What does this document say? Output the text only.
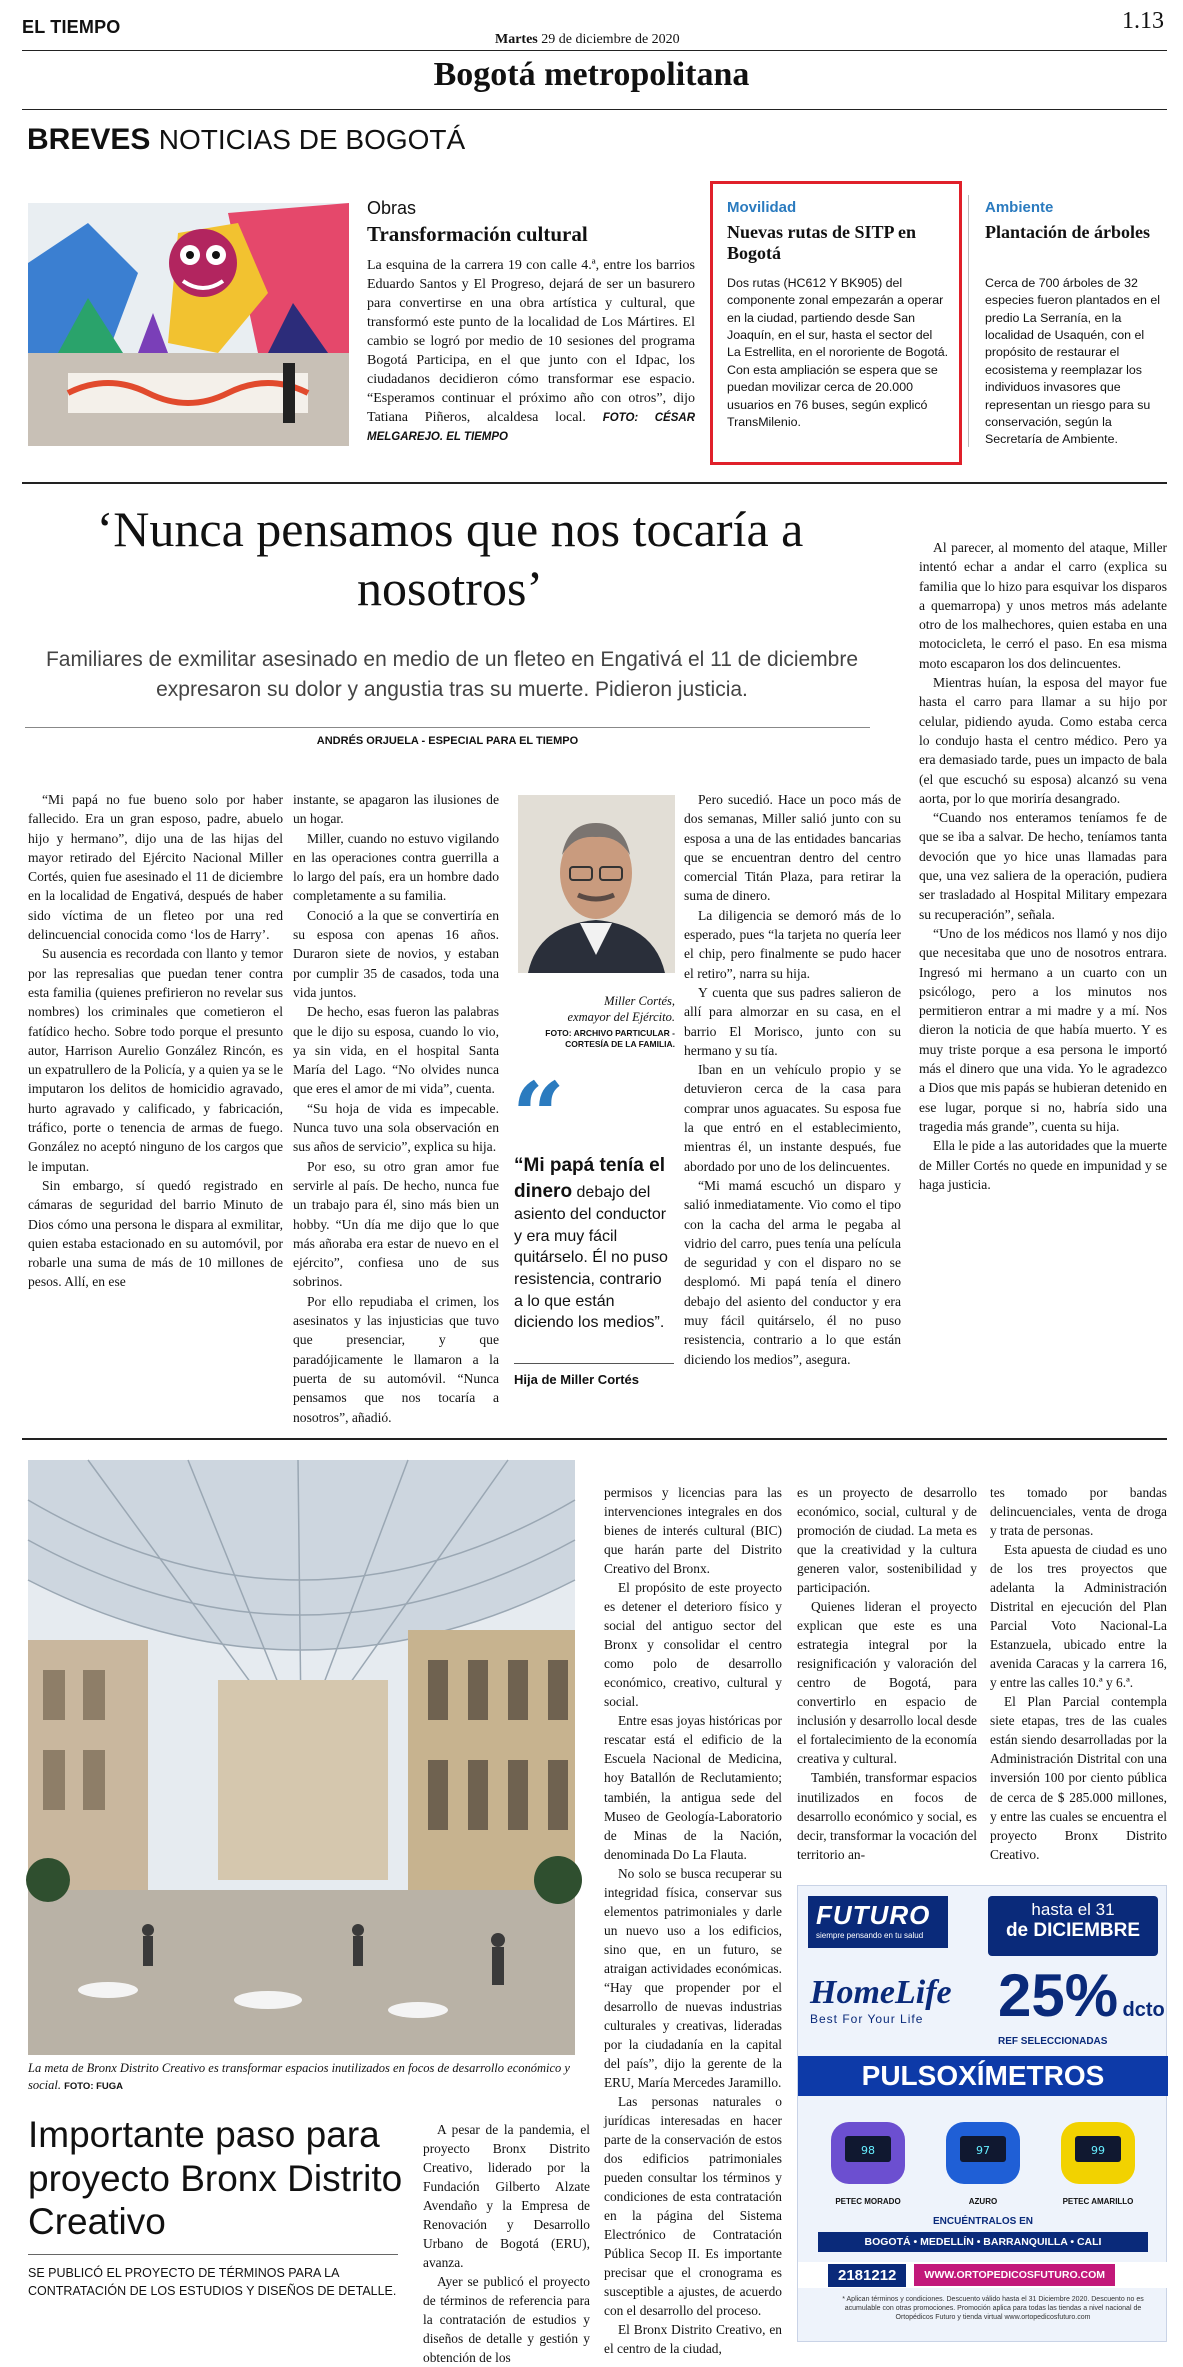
EL TIEMPO
Martes 29 de diciembre de 2020
1.13
Bogotá metropolitana
BREVES NOTICIAS DE BOGOTÁ
Obras
Transformación cultural
La esquina de la carrera 19 con calle 4.ª, entre los barrios Eduardo Santos y El Progreso, dejará de ser un basurero para convertirse en una obra artística y cultural, que transformó este punto de la localidad de Los Mártires. El cambio se logró por medio de 10 sesiones del programa Bogotá Participa, en el que junto con el Idpac, los ciudadanos decidieron cómo transformar ese espacio. “Esperamos continuar el próximo año con otros”, dijo Tatiana Piñeros, alcaldesa local. FOTO: CÉSAR MELGAREJO. EL TIEMPO
Movilidad
Nuevas rutas de SITP en Bogotá
Dos rutas (HC612 Y BK905) del componente zonal empezarán a operar en la ciudad, partiendo desde San Joaquín, en el sur, hasta el sector del La Estrellita, en el nororiente de Bogotá.
Con esta ampliación se espera que se puedan movilizar cerca de 20.000 usuarios en 76 buses, según explicó TransMilenio.
Ambiente
Plantación de árboles
Cerca de 700 árboles de 32 especies fueron plantados en el predio La Serranía, en la localidad de Usaquén, con el propósito de restaurar el ecosistema y reemplazar los individuos invasores que representan un riesgo para su conservación, según la Secretaría de Ambiente.
‘Nunca pensamos que nos tocaría a nosotros’
Familiares de exmilitar asesinado en medio de un fleteo en Engativá el 11 de diciembre expresaron su dolor y angustia tras su muerte. Pidieron justicia.
ANDRÉS ORJUELA - ESPECIAL PARA EL TIEMPO

“Mi papá no fue bueno solo por haber fallecido. Era un gran esposo, padre, abuelo hijo y hermano”, dijo una de las hijas del mayor retirado del Ejército Nacional Miller Cortés, quien fue asesinado el 11 de diciembre en la localidad de Engativá, después de haber sido víctima de un fleteo por una red delincuencial conocida como ‘los de Harry’.

Su ausencia es recordada con llanto y temor por las represalias que puedan tener contra esta familia (quienes prefirieron no revelar sus nombres) los criminales que cometieron el fatídico hecho. Sobre todo porque el presunto autor, Harrison Aurelio González Rincón, es un expatrullero de la Policía, y a quien ya se le imputaron los delitos de homicidio agravado, hurto agravado y calificado, y fabricación, tráfico, porte o tenencia de armas de fuego. González no aceptó ninguno de los cargos que le imputan.

Sin embargo, sí quedó registrado en cámaras de seguridad del barrio Minuto de Dios cómo una persona le dispara al exmilitar, quien estaba estacionado en su automóvil, por robarle una suma de más de 10 millones de pesos. Allí, en ese

instante, se apagaron las ilusiones de un hogar.

Miller, cuando no estuvo vigilando en las operaciones contra guerrilla a lo largo del país, era un hombre dado completamente a su familia.

Conoció a la que se convertiría en su esposa con apenas 16 años. Duraron siete de novios, y estaban por cumplir 35 de casados, toda una vida juntos.

De hecho, esas fueron las palabras que le dijo su esposa, cuando lo vio, ya sin vida, en el hospital Santa María del Lago. “No olvides nunca que eres el amor de mi vida”, cuenta.

“Su hoja de vida es impecable. Nunca tuvo una sola observación en sus años de servicio”, explica su hija.

Por eso, su otro gran amor fue servirle al país. De hecho, nunca fue un trabajo para él, sino más bien un hobby. “Un día me dijo que lo que más añoraba era estar de nuevo en el ejército”, confiesa uno de sus sobrinos.

Por ello repudiaba el crimen, los asesinatos y las injusticias que tuvo que presenciar, y que paradójicamente le llamaron a la puerta de su automóvil. “Nunca pensamos que nos tocaría a nosotros”, añadió.

Miller Cortés,
exmayor del Ejército.
FOTO: ARCHIVO PARTICULAR - CORTESÍA DE LA FAMILIA.
“
“Mi papá tenía el dinero debajo del asiento del conductor y era muy fácil quitárselo. Él no puso resistencia, contrario a lo que están diciendo los medios”.
Hija de Miller Cortés

Pero sucedió. Hace un poco más de dos semanas, Miller salió junto con su esposa a una de las entidades bancarias que se encuentran dentro del centro comercial Titán Plaza, para retirar la suma de dinero.

La diligencia se demoró más de lo esperado, pues “la tarjeta no quería leer el chip, pero finalmente se pudo hacer el retiro”, narra su hija.

Y cuenta que sus padres salieron de allí para almorzar en su casa, en el barrio El Morisco, junto con su hermano y su tía.

Iban en un vehículo propio y se detuvieron cerca de la casa para comprar unos aguacates. Su esposa fue la que entró en el establecimiento, mientras él, un instante después, fue abordado por uno de los delincuentes.

“Mi mamá escuchó un disparo y salió inmediatamente. Vio como el tipo con la cacha del arma le pegaba al vidrio del carro, pues tenía una película de seguridad y con el disparo no se desplomó. Mi papá tenía el dinero debajo del asiento del conductor y era muy fácil quitárselo, él no puso resistencia, contrario a lo que están diciendo los medios”, asegura.

Al parecer, al momento del ataque, Miller intentó echar a andar el carro (explica su familia que lo hizo para esquivar los disparos a quemarropa) y unos metros más adelante otro de los malhechores, quien estaba en una motocicleta, le cerró el paso. En esa misma moto escaparon los dos delincuentes.

Mientras huían, la esposa del mayor fue hasta el carro para llamar a su hijo por celular, pidiendo ayuda. Como estaba cerca lo condujo hasta el centro médico. Pero ya era demasiado tarde, pues un impacto de bala (el que escuchó su esposa) alcanzó su vena aorta, por lo que moriría desangrado.

“Cuando nos enteramos teníamos fe de que se iba a salvar. De hecho, teníamos tanta devoción que yo hice unas llamadas para que, una vez saliera de la operación, pudiera ser trasladado al Hospital Military empezara su recuperación”, señala.

“Uno de los médicos nos llamó y nos dijo que necesitaba que uno de nosotros entrara. Ingresó mi hermano a un cuarto con un psicólogo, pero a los minutos nos permitieron entrar a mi madre y a mí. Nos dieron la noticia de que había muerto. Y es muy triste porque a esa persona le importó más el dinero que una vida. Yo le agradezco a Dios que mis papás se hubieran detenido en ese lugar, porque si no, habría sido una tragedia más grande”, cuenta su hija.

Ella le pide a las autoridades que la muerte de Miller Cortés no quede en impunidad y se haga justicia.

La meta de Bronx Distrito Creativo es transformar espacios inutilizados en focos de desarrollo económico y social. FOTO: FUGA
Importante paso para proyecto Bronx Distrito Creativo
SE PUBLICÓ EL PROYECTO DE TÉRMINOS PARA LA CONTRATACIÓN DE LOS ESTUDIOS Y DISEÑOS DE DETALLE.

A pesar de la pandemia, el proyecto Bronx Distrito Creativo, liderado por la Fundación Gilberto Alzate Avendaño y la Empresa de Renovación y Desarrollo Urbano de Bogotá (ERU), avanza.

Ayer se publicó el proyecto de términos de referencia para la contratación de estudios y diseños de detalle y gestión y obtención de los

permisos y licencias para las intervenciones integrales en dos bienes de interés cultural (BIC) que harán parte del Distrito Creativo del Bronx.

El propósito de este proyecto es detener el deterioro físico y social del antiguo sector del Bronx y consolidar el centro como polo de desarrollo económico, creativo, cultural y social.

Entre esas joyas históricas por rescatar está el edificio de la Escuela Nacional de Medicina, hoy Batallón de Reclutamiento; también, la antigua sede del Museo de Geología-Laboratorio de Minas de la Nación, denominada Do La Flauta.

No solo se busca recuperar su integridad física, conservar sus elementos patrimoniales y darle un nuevo uso a los edificios, sino que, en un futuro, se atraigan actividades económicas. “Hay que propender por el desarrollo de nuevas industrias culturales y creativas, lideradas por la ciudadanía en la capital del país”, dijo la gerente de la ERU, María Mercedes Jaramillo.

Las personas naturales o jurídicas interesadas en hacer parte de la conservación de estos dos edificios patrimoniales pueden consultar los términos y condiciones de esta contratación en la página del Sistema Electrónico de Contratación Pública Secop II. Es importante precisar que el cronograma es susceptible a ajustes, de acuerdo con el desarrollo del proceso.

El Bronx Distrito Creativo, en el centro de la ciudad,

es un proyecto de desarrollo económico, social, cultural y de promoción de ciudad. La meta es que la creatividad y la cultura generen valor, sostenibilidad y participación.

Quienes lideran el proyecto explican que este es una estrategia integral por la resignificación y valoración del centro de Bogotá, para convertirlo en espacio de inclusión y desarrollo local desde el fortalecimiento de la economía creativa y cultural.

También, transformar espacios inutilizados en focos de desarrollo económico y social, es decir, transformar la vocación del territorio an-

tes tomado por bandas delincuenciales, venta de droga y trata de personas.

Esta apuesta de ciudad es uno de los tres proyectos que adelanta la Administración Distrital en ejecución del Plan Parcial Voto Nacional-La Estanzuela, ubicado entre la avenida Caracas y la carrera 16, y entre las calles 10.ª y 6.ª.

El Plan Parcial contempla siete etapas, tres de las cuales están siendo desarrolladas por la Administración Distrital con una inversión 100 por ciento pública de cerca de $ 285.000 millones, y entre las cuales se encuentra el proyecto Bronx Distrito Creativo.

FUTURO
siempre pensando en tu salud
hasta el 31
de DICIEMBRE
HomeLife
Best For Your Life	25% dcto
REF SELECCIONADAS
PULSOXÍMETROS
98
PETEC MORADO
97
AZURO
99
PETEC AMARILLO
ENCUÉNTRALOS EN
BOGOTÁ • MEDELLÍN • BARRANQUILLA • CALI
2181212	WWW.ORTOPEDICOSFUTURO.COM
* Aplican términos y condiciones. Descuento válido hasta el 31 Diciembre 2020. Descuento no es acumulable con otras promociones. Promoción aplica para todas las tiendas a nivel nacional de Ortopédicos Futuro y tienda virtual www.ortopedicosfuturo.com
